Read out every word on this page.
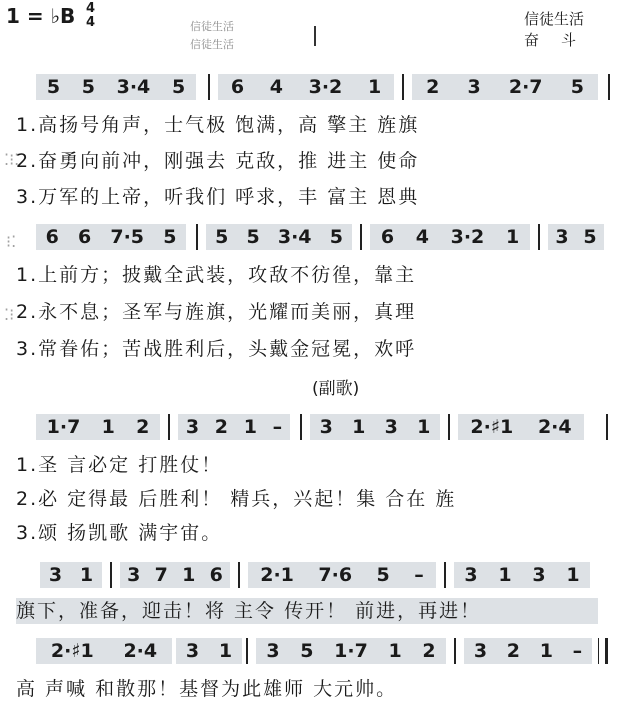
1 = ♭B 4
4	信徒生活
信徒生活
信徒生活
奋斗
5 5 3·4 5 6 4 3·2 1 2 3 2·7 5
1.高扬号角声，士气极 饱满，高 擎主 旌旗
2.奋勇向前冲，刚强去 克敌，推 进主 使命
3.万军的上帝，听我们 呼求，丰 富主 恩典
6 6 7·5 5 5 5 3·4 5 6 4 3·2 1 3 5
1.上前方；披戴全武装，攻敌不彷徨，靠主
2.永不息；圣军与旌旗，光耀而美丽，真理
3.常眷佑；苦战胜利后，头戴金冠冕，欢呼
⁚⁝⁚
⁝⁚
⁚⁝
(副歌)
1·7 1 2 3 2 1 – 3 1 3 1 2·♯1 2·4
1.圣 言必定 打胜仗！
2.必 定得最 后胜利！ 精兵，兴起！集 合在 旌
3.颂 扬凯歌 满宇宙。
3 1 3 7 1 6 2·1 7·6 5 – 3 1 3 1
旗下，准备，迎击！将 主令 传开！ 前进，再进！
2·♯1 2·4 3 1 3 5 1·7 1 2 3 2 1 –
高 声喊 和散那！基督为此雄师 大元帅。
